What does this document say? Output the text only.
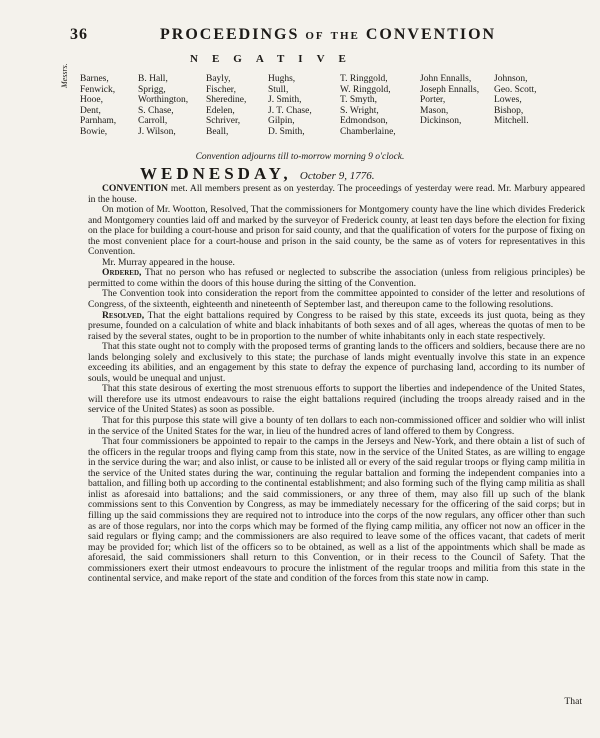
36	PROCEEDINGS of the CONVENTION
NEGATIVE
Messrs.	Barnes,
Fenwick,
Hooe,
Dent,
Parnham,
Bowie,
B. Hall,
Sprigg,
Worthington,
S. Chase,
Carroll,
J. Wilson,
Bayly,
Fischer,
Sheredine,
Edelen,
Schriver,
Beall,
Hughs,
Stull,
J. Smith,
J. T. Chase,
Gilpin,
D. Smith,
T. Ringgold,
W. Ringgold,
T. Smyth,
S. Wright,
Edmondson,
Chamberlaine,
John Ennalls,
Joseph Ennalls,
Porter,
Mason,
Dickinson,
Johnson,
Geo. Scott,
Lowes,
Bishop,
Mitchell.
Convention adjourns till to-morrow morning 9 o'clock.
WEDNESDAY, October 9, 1776.

CONVENTION met. All members present as on yesterday. The proceedings of yesterday were read. Mr. Marbury appeared in the house.

On motion of Mr. Wootton, Resolved, That the commissioners for Montgomery county have the line which divides Frederick and Montgomery counties laid off and marked by the surveyor of Frederick county, at least ten days before the election for fixing on the place for building a court-house and prison for said county, and that the qualification of voters for the purpose of fixing on the most convenient place for a court-house and prison in the said county, be the same as of voters for representatives in this Convention.

Mr. Murray appeared in the house.

Ordered, That no person who has refused or neglected to subscribe the association (unless from religious principles) be permitted to come within the doors of this house during the sitting of the Convention.

The Convention took into consideration the report from the committee appointed to consider of the letter and resolutions of Congress, of the sixteenth, eighteenth and nineteenth of September last, and thereupon came to the following resolutions.

Resolved, That the eight battalions required by Congress to be raised by this state, exceeds its just quota, being as they presume, founded on a calculation of white and black inhabitants of both sexes and of all ages, whereas the quotas of men to be raised by the several states, ought to be in proportion to the number of white inhabitants only in each state respectively.

That this state ought not to comply with the proposed terms of granting lands to the officers and soldiers, because there are no lands belonging solely and exclusively to this state; the purchase of lands might eventually involve this state in an expence exceeding its abilities, and an engagement by this state to defray the expence of purchasing land, according to its number of souls, would be unequal and unjust.

That this state desirous of exerting the most strenuous efforts to support the liberties and independence of the United States, will therefore use its utmost endeavours to raise the eight battalions required (including the troops already raised and in the service of the United States) as soon as possible.

That for this purpose this state will give a bounty of ten dollars to each non-commissioned officer and soldier who will inlist in the service of the United States for the war, in lieu of the hundred acres of land offered to them by Congress.

That four commissioners be appointed to repair to the camps in the Jerseys and New-York, and there obtain a list of such of the officers in the regular troops and flying camp from this state, now in the service of the United States, as are willing to engage in the service during the war; and also inlist, or cause to be inlisted all or every of the said regular troops or flying camp militia in the service of the United states during the war, continuing the regular battalion and forming the independent companies into a battalion, and filling both up according to the continental establishment; and also forming such of the flying camp militia as shall inlist as aforesaid into battalions; and the said commissioners, or any three of them, may also fill up such of the blank commissions sent to this Convention by Congress, as may be immediately necessary for the officering of the said corps; but in filling up the said commissions they are required not to introduce into the corps of the now regulars, any officer other than such as are of those regulars, nor into the corps which may be formed of the flying camp militia, any officer not now an officer in the said regulars or flying camp; and the commissioners are also required to leave some of the offices vacant, that cadets of merit may be provided for; which list of the officers so to be obtained, as well as a list of the appointments which shall be made as aforesaid, the said commissioners shall return to this Convention, or in their recess to the Council of Safety. That the commissioners exert their utmost endeavours to procure the inlistment of the regular troops and militia from this state in the continental service, and make report of the state and condition of the forces from this state now in camp.

That
